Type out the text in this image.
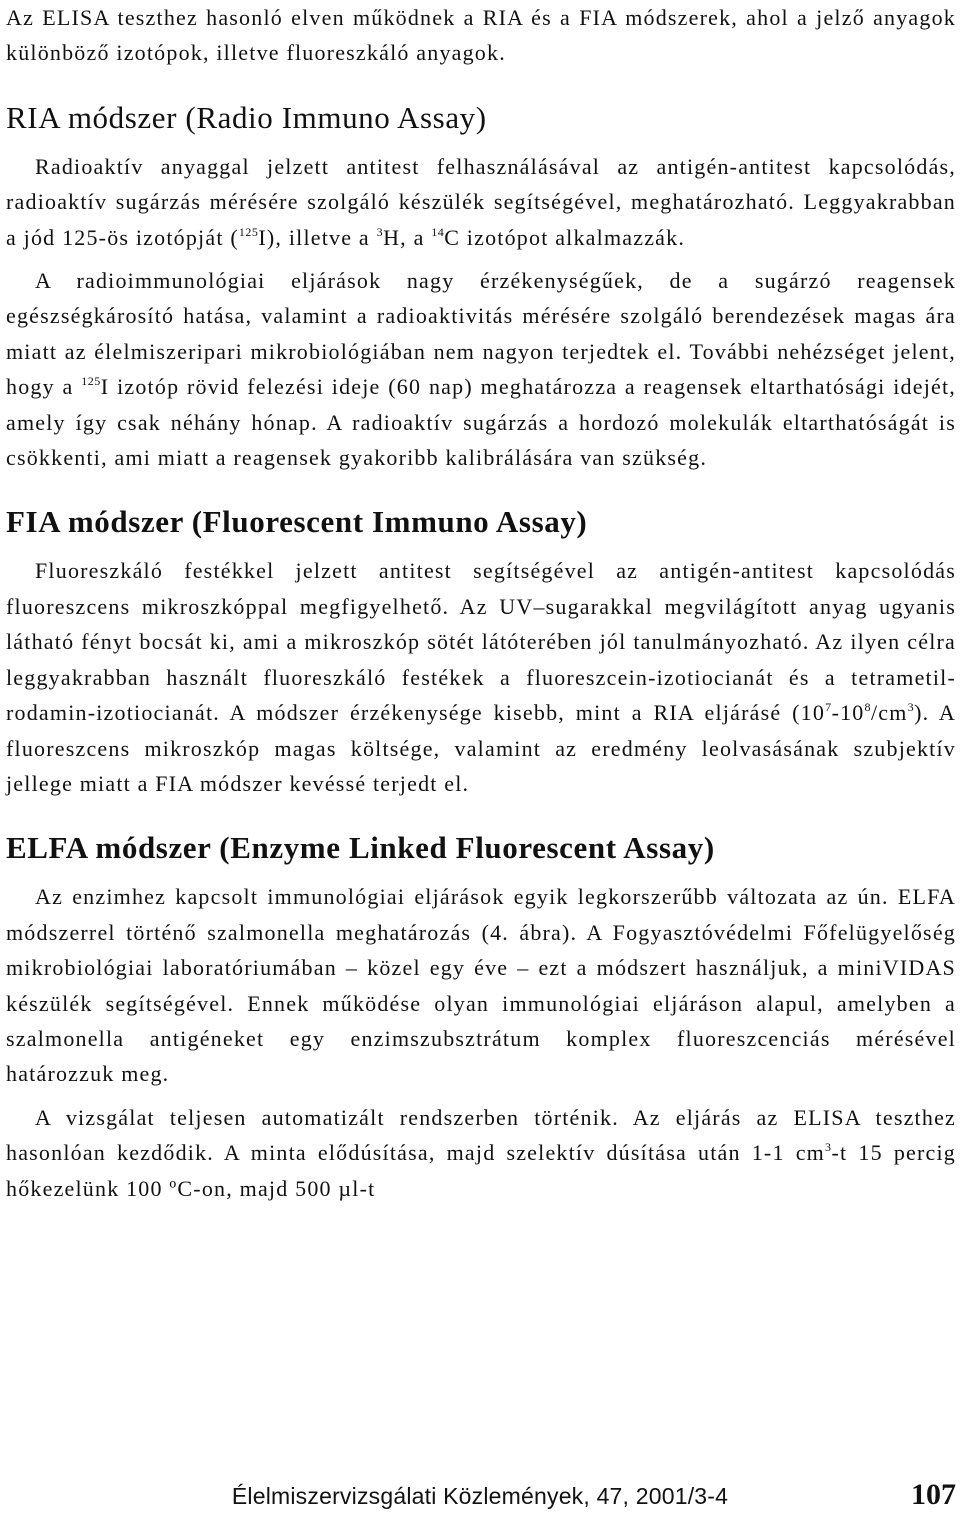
Az ELISA teszthez hasonló elven működnek a RIA és a FIA módszerek, ahol a jelző anyagok különböző izotópok, illetve fluoreszkáló anyagok.

RIA módszer (Radio Immuno Assay)

Radioaktív anyaggal jelzett antitest felhasználásával az antigén-antitest kapcsolódás, radioaktív sugárzás mérésére szolgáló készülék segítségével, meghatározható. Leggyakrabban a jód 125-ös izotópját ($^{125}$I), illetve a $^3$H, a $^{14}$C izotópot alkalmazzák.

A radioimmunológiai eljárások nagy érzékenységűek, de a sugárzó reagensek egészségkárosító hatása, valamint a radioaktivitás mérésére szolgáló berendezések magas ára miatt az élelmiszeripari mikrobiológiában nem nagyon terjedtek el. További nehézséget jelent, hogy a $^{125}$I izotóp rövid felezési ideje (60 nap) meghatározza a reagensek eltarthatósági idejét, amely így csak néhány hónap. A radioaktív sugárzás a hordozó molekulák eltarthatóságát is csökkenti, ami miatt a reagensek gyakoribb kalibrálására van szükség.

FIA módszer (Fluorescent Immuno Assay)

Fluoreszkáló festékkel jelzett antitest segítségével az antigén-antitest kapcsolódás fluoreszcens mikroszkóppal megfigyelhető. Az UV–sugarakkal megvilágított anyag ugyanis látható fényt bocsát ki, ami a mikroszkóp sötét látóterében jól tanulmányozható. Az ilyen célra leggyakrabban használt fluoreszkáló festékek a fluoreszcein-izotiocianát és a tetrametil-rodamin-izotiocianát. A módszer érzékenysége kisebb, mint a RIA eljárásé $(10^7-10^8/cm^3)$. A fluoreszcens mikroszkóp magas költsége, valamint az eredmény leolvasásának szubjektív jellege miatt a FIA módszer kevéssé terjedt el.

ELFA módszer (Enzyme Linked Fluorescent Assay)

Az enzimhez kapcsolt immunológiai eljárások egyik legkorszerűbb változata az ún. ELFA módszerrel történő szalmonella meghatározás (4. ábra). A Fogyasztóvédelmi Főfelügyelőség mikrobiológiai laboratóriumában – közel egy éve – ezt a módszert használjuk, a miniVIDAS készülék segítségével. Ennek működése olyan immunológiai eljáráson alapul, amelyben a szalmonella antigéneket egy enzimszubsztrátum komplex fluoreszcenciás mérésével határozzuk meg.

A vizsgálat teljesen automatizált rendszerben történik. Az eljárás az ELISA teszthez hasonlóan kezdődik. A minta elődúsítása, majd szelektív dúsítása után 1-1 $cm^3-t$ 15 percig hőkezelünk 100 ºC-on, majd 500 µl-t

Élelmiszervizsgálati Közlemények, 47, 2001/3-4	107
